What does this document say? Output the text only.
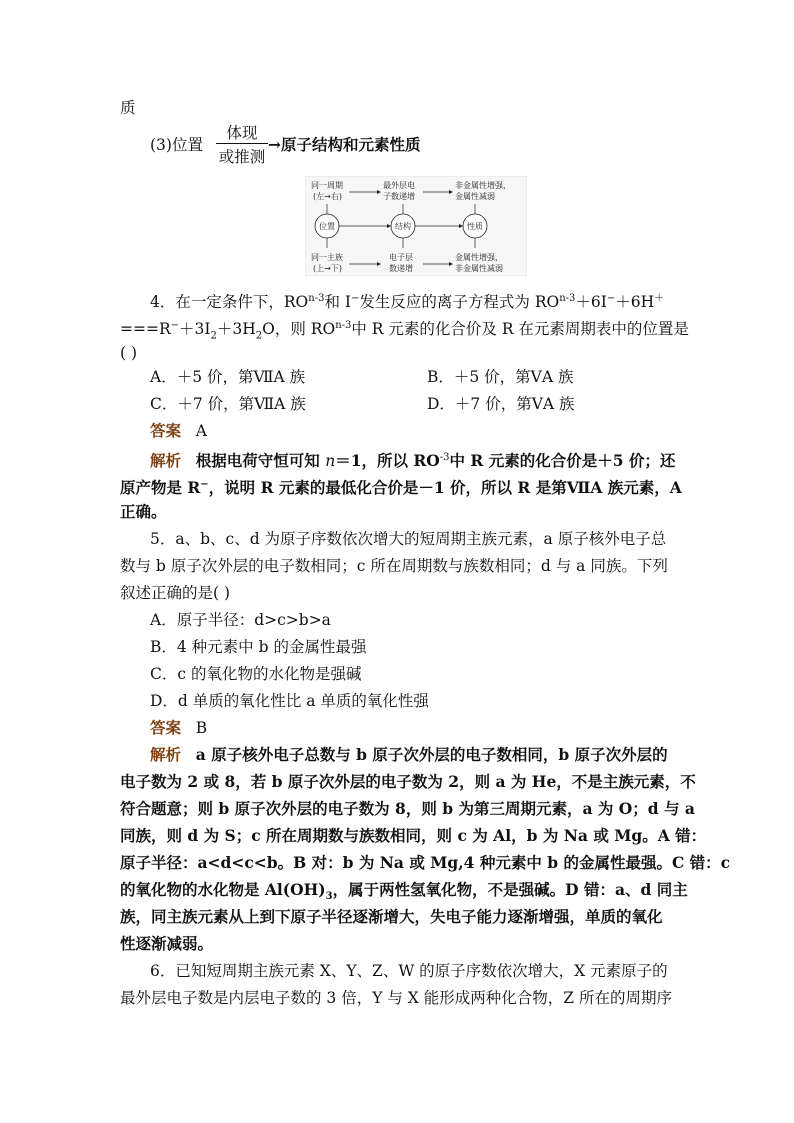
质
(3)位置
体现
或推测
→原子结构和元素性质
同一周期
(左→右)
最外层电
子数递增
非金属性增强，
金属性减弱
位置	结构	性质
同一主族
(上→下)
电子层
数递增
金属性增强，
非金属性减弱
4．在一定条件下，RO$^{n-3}$和 I−发生反应的离子方程式为 $RO^{n-3}+6I^-+6H^+$
$===R^-+3I_2+3H_2O$，则 RO$^{n-3}$中 R 元素的化合价及 R 在元素周期表中的位置是
( )
A．＋5 价，第ⅦA 族	B．＋5 价，第ⅤA 族
C．＋7 价，第ⅦA 族	D．＋7 价，第ⅤA 族
答案 A
解析 根据电荷守恒可知 n＝1，所以 $RO^{-3}$中 R 元素的化合价是＋5 价；还
原产物是 R−，说明 R 元素的最低化合价是－1 价，所以 R 是第ⅦA 族元素，A
正确。
5．a、b、c、d 为原子序数依次增大的短周期主族元素，a 原子核外电子总
数与 b 原子次外层的电子数相同；c 所在周期数与族数相同；d 与 a 同族。下列
叙述正确的是( )
A．原子半径：d>c>b>a
B．4 种元素中 b 的金属性最强
C．c 的氧化物的水化物是强碱
D．d 单质的氧化性比 a 单质的氧化性强
答案 B
解析 a 原子核外电子总数与 b 原子次外层的电子数相同，b 原子次外层的
电子数为 2 或 8，若 b 原子次外层的电子数为 2，则 a 为 He，不是主族元素，不
符合题意；则 b 原子次外层的电子数为 8，则 b 为第三周期元素，a 为 O；d 与 a
同族，则 d 为 S；c 所在周期数与族数相同，则 c 为 Al，b 为 Na 或 Mg。A 错：
原子半径：a<d<c<b。B 对：b 为 Na 或 Mg,4 种元素中 b 的金属性最强。C 错：c
的氧化物的水化物是 $Al(OH)_3$，属于两性氢氧化物，不是强碱。D 错：a、d 同主
族，同主族元素从上到下原子半径逐渐增大，失电子能力逐渐增强，单质的氧化
性逐渐减弱。
6．已知短周期主族元素 X、Y、Z、W 的原子序数依次增大，X 元素原子的
最外层电子数是内层电子数的 3 倍，Y 与 X 能形成两种化合物，Z 所在的周期序
